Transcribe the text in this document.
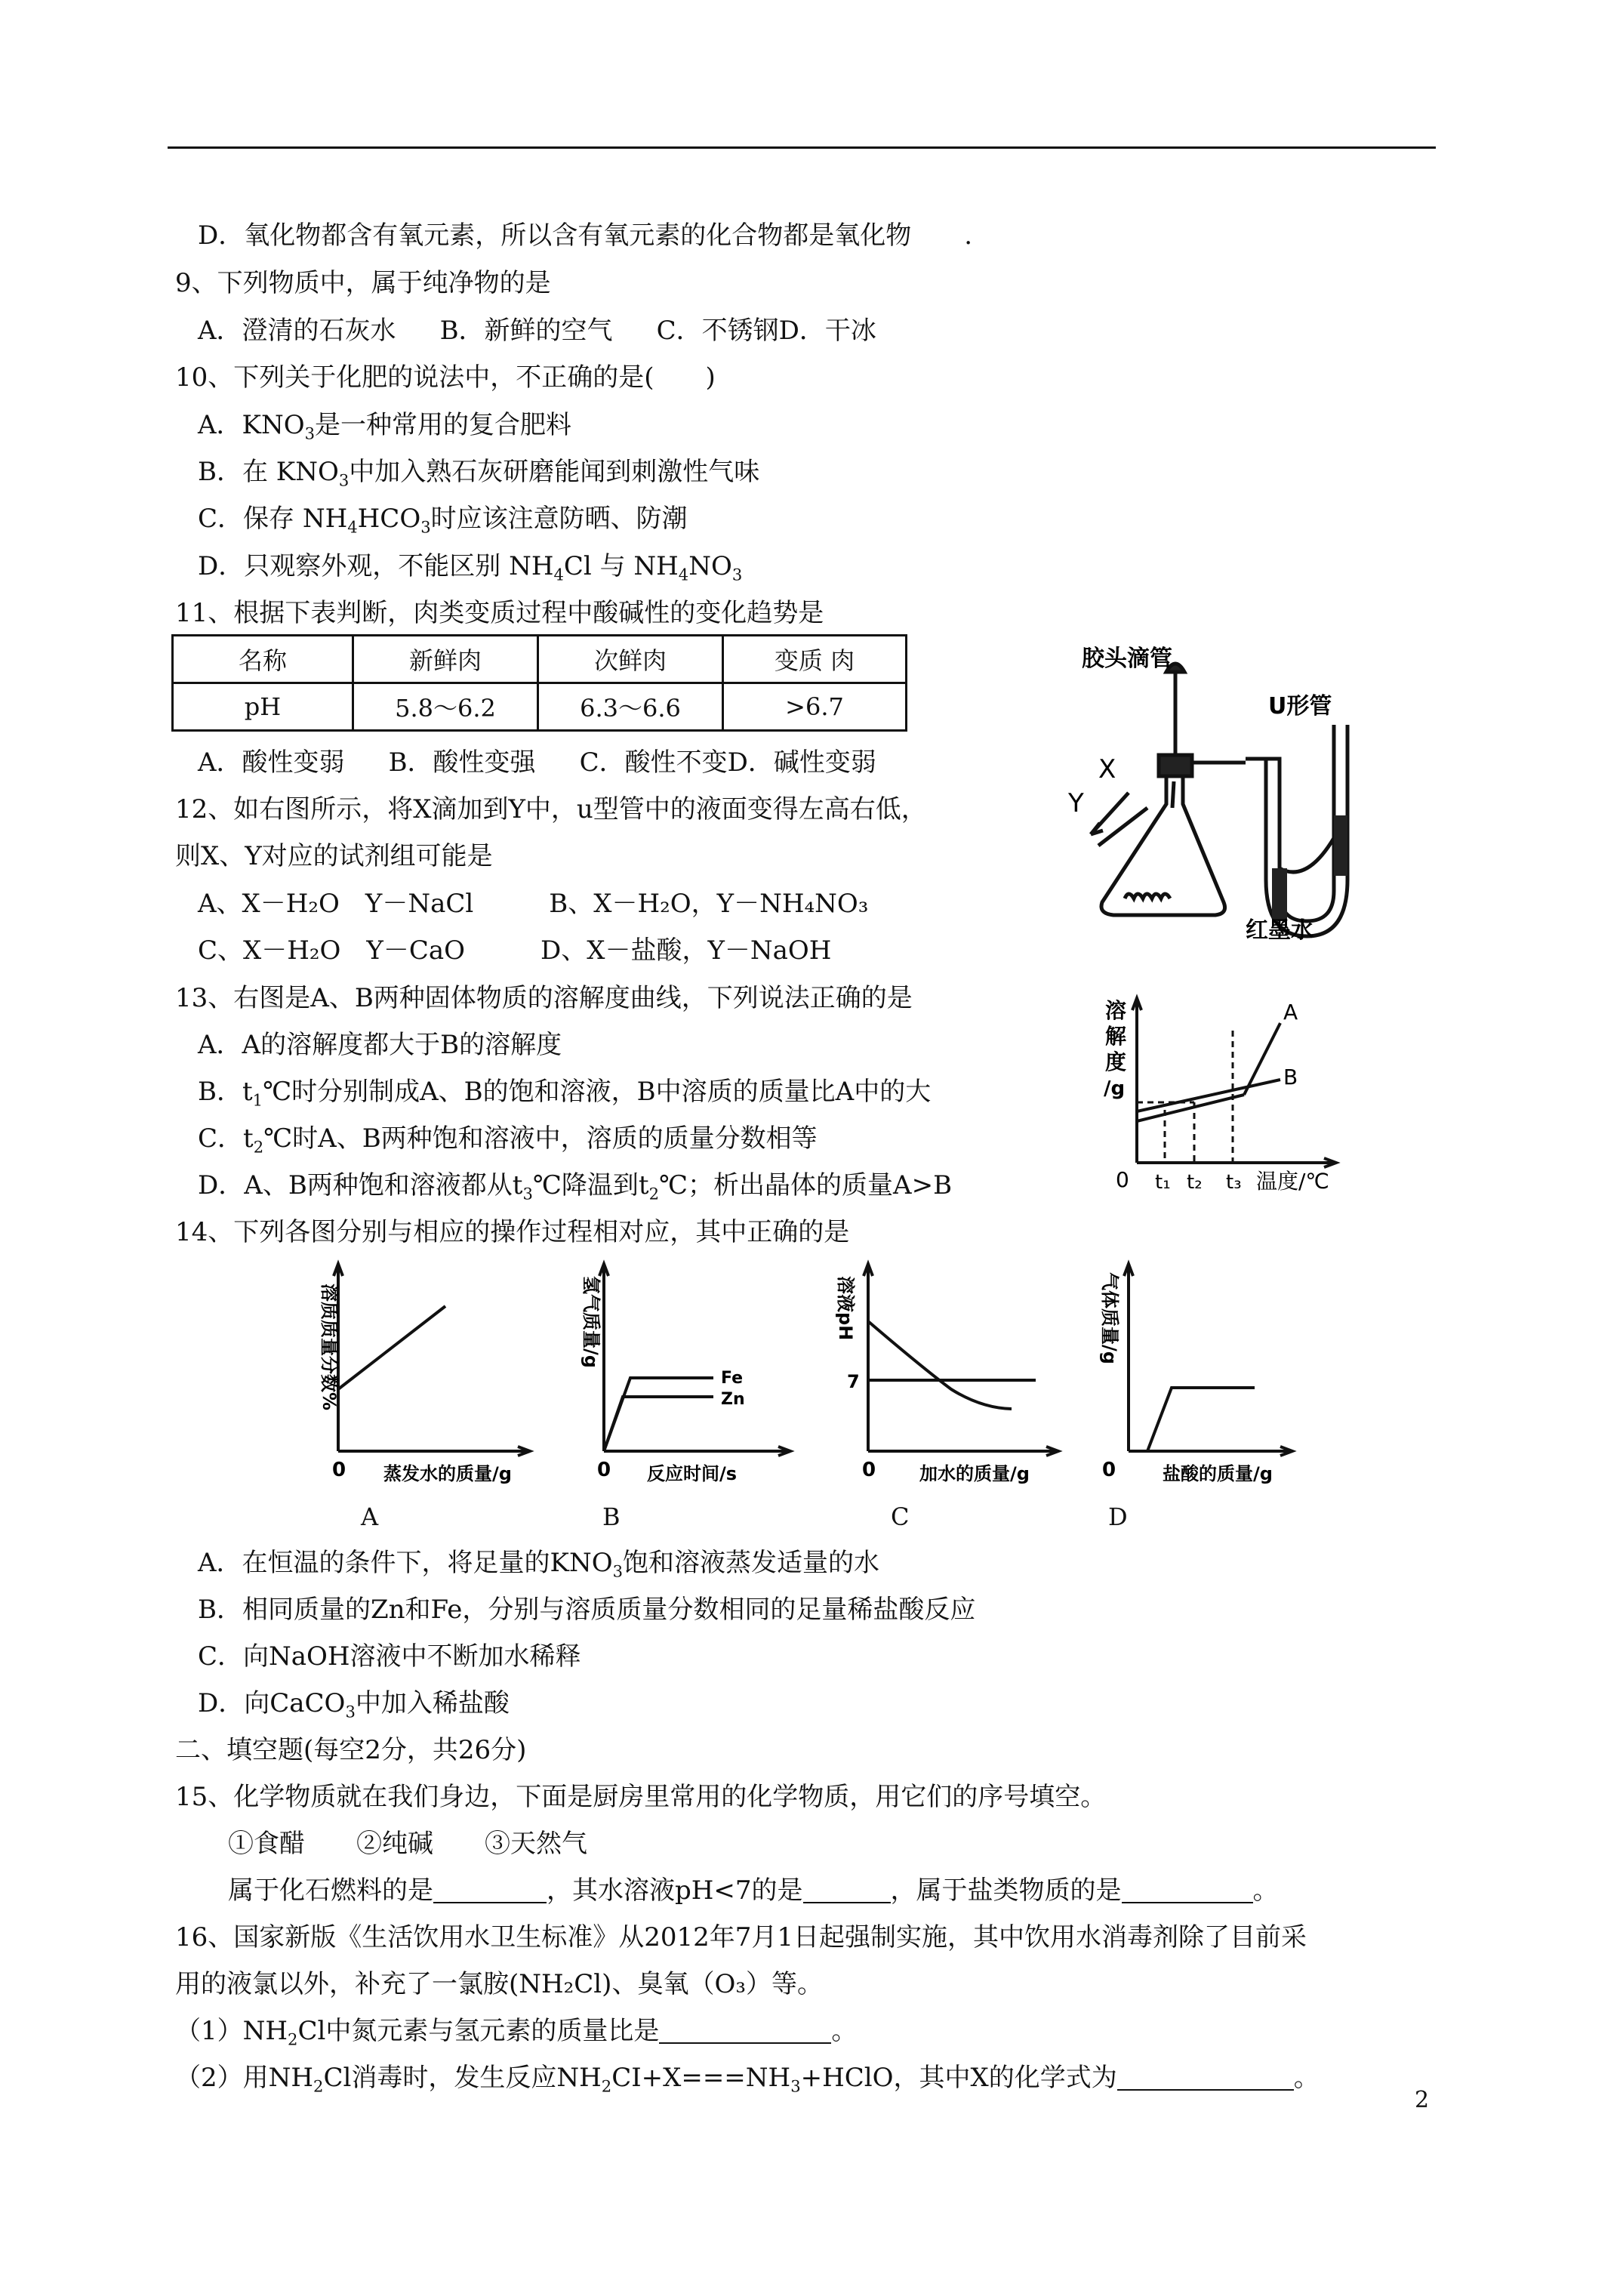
D．氧化物都含有氧元素，所以含有氧元素的化合物都是氧化物 .
9、下列物质中，属于纯净物的是
A．澄清的石灰水 B．新鲜的空气 C．不锈钢D．干冰
10、下列关于化肥的说法中，不正确的是(　　)
A．$KNO_3$是一种常用的复合肥料
B．在 $KNO_3$中加入熟石灰研磨能闻到刺激性气味
C．保存 $NH_4HCO_3$时应该注意防晒、防潮
D．只观察外观，不能区别 $NH_4Cl$ 与 $NH_4NO_3$
11、根据下表判断，肉类变质过程中酸碱性的变化趋势是
名称	新鲜肉	次鲜肉	变质 肉
pH	5.8～6.2	6.3～6.6	>6.7
A．酸性变弱 B．酸性变强 C．酸性不变D．碱性变弱
胶头滴管
U形管
红墨水
X
Y
12、如右图所示，将X滴加到Y中，u型管中的液面变得左高右低，
则X、Y对应的试剂组可能是
A、X－H₂O　Y－NaCl	B、X－H₂O，Y－NH₄NO₃
C、X－H₂O　Y－CaO	D、X－盐酸，Y－NaOH
溶
解
度
/g
A
B
0 t₁ t₂ t₃ 温度/℃
13、右图是A、B两种固体物质的溶解度曲线，下列说法正确的是
A．A的溶解度都大于B的溶解度
B．$t_1℃$时分别制成A、B的饱和溶液，B中溶质的质量比A中的大
C．$t_2℃$时A、B两种饱和溶液中，溶质的质量分数相等
D．A、B两种饱和溶液都从$t_3℃$降温到$t_2℃$；析出晶体的质量A>B
14、下列各图分别与相应的操作过程相对应，其中正确的是
0 蒸发水的质量/g
溶质质量分数%
0 反应时间/s
氢气质量/g
Fe
Zn
0 加水的质量/g
溶液pH
7
0	盐酸的质量/g
气体质量/g
A	B	C	D
A．在恒温的条件下，将足量的$KNO_3$饱和溶液蒸发适量的水
B．相同质量的Zn和Fe，分别与溶质质量分数相同的足量稀盐酸反应
C．向NaOH溶液中不断加水稀释
D．向CaCO$_3$中加入稀盐酸
二、填空题(每空2分，共26分)
15、化学物质就在我们身边，下面是厨房里常用的化学物质，用它们的序号填空。
①食醋　　②纯碱　　③天然气
属于化石燃料的是	，其水溶液pH<7的是	，属于盐类物质的是	。
16、国家新版《生活饮用水卫生标准》从2012年7月1日起强制实施，其中饮用水消毒剂除了目前采
用的液氯以外，补充了一氯胺(NH₂Cl)、臭氧（O₃）等。
$(1)NH_2Cl$中氮元素与氢元素的质量比是	。
（2）用$NH_2Cl$消毒时，发生反应$NH_2CI+X===NH_3+HClO$，其中X的化学式为	。
2
